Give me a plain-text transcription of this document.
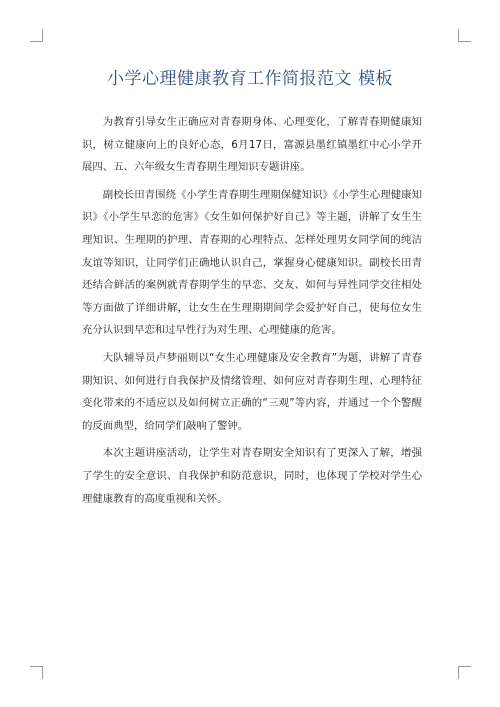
小学心理健康教育工作简报范文 模板

为教育引导女生正确应对青春期身体、心理变化，了解青春期健康知识，树立健康向上的良好心态，6月17日，富源县墨红镇墨红中心小学开展四、五、六年级女生青春期生理知识专题讲座。

副校长田青围绕《小学生青春期生理期保健知识》《小学生心理健康知识》《小学生早恋的危害》《女生如何保护好自己》等主题，讲解了女生生理知识、生理期的护理、青春期的心理特点、怎样处理男女同学间的纯洁友谊等知识，让同学们正确地认识自己，掌握身心健康知识。副校长田青还结合鲜活的案例就青春期学生的早恋、交友、如何与异性同学交往相处等方面做了详细讲解，让女生在生理期期间学会爱护好自己，使每位女生充分认识到早恋和过早性行为对生理、心理健康的危害。

大队辅导员卢梦丽则以“女生心理健康及安全教育”为题，讲解了青春期知识、如何进行自我保护及情绪管理、如何应对青春期生理、心理特征变化带来的不适应以及如何树立正确的“三观”等内容，并通过一个个警醒的反面典型，给同学们敲响了警钟。

本次主题讲座活动，让学生对青春期安全知识有了更深入了解，增强了学生的安全意识、自我保护和防范意识，同时，也体现了学校对学生心理健康教育的高度重视和关怀。
